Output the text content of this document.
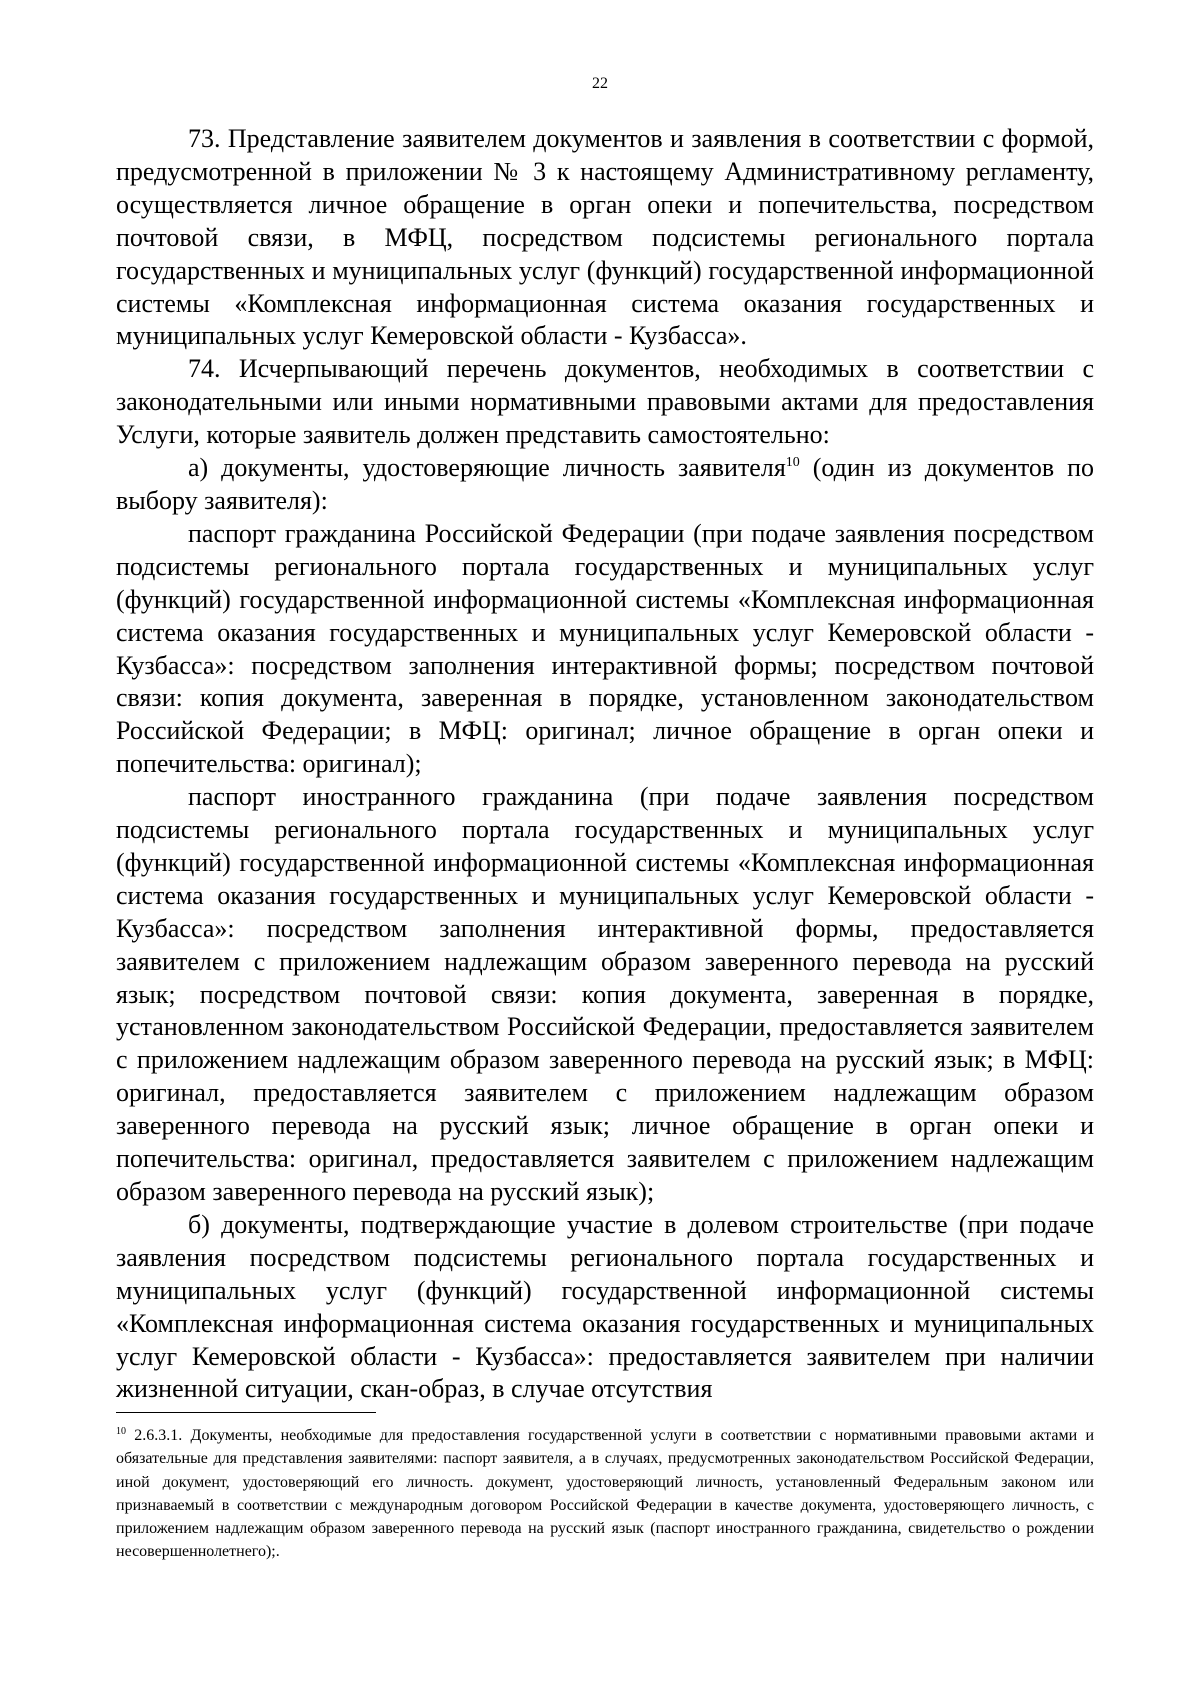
22

73. Представление заявителем документов и заявления в соответствии с формой, предусмотренной в приложении № 3 к настоящему Административному регламенту, осуществляется личное обращение в орган опеки и попечительства, посредством почтовой связи, в МФЦ, посредством подсистемы регионального портала государственных и муниципальных услуг (функций) государственной информационной системы «Комплексная информационная система оказания государственных и муниципальных услуг Кемеровской области - Кузбасса».

74. Исчерпывающий перечень документов, необходимых в соответствии с законодательными или иными нормативными правовыми актами для предоставления Услуги, которые заявитель должен представить самостоятельно:

а) документы, удостоверяющие личность заявителя$^{10}$ (один из документов по выбору заявителя):

паспорт гражданина Российской Федерации (при подаче заявления посредством подсистемы регионального портала государственных и муниципальных услуг (функций) государственной информационной системы «Комплексная информационная система оказания государственных и муниципальных услуг Кемеровской области - Кузбасса»: посредством заполнения интерактивной формы; посредством почтовой связи: копия документа, заверенная в порядке, установленном законодательством Российской Федерации; в МФЦ: оригинал; личное обращение в орган опеки и попечительства: оригинал);

паспорт иностранного гражданина (при подаче заявления посредством подсистемы регионального портала государственных и муниципальных услуг (функций) государственной информационной системы «Комплексная информационная система оказания государственных и муниципальных услуг Кемеровской области - Кузбасса»: посредством заполнения интерактивной формы, предоставляется заявителем с приложением надлежащим образом заверенного перевода на русский язык; посредством почтовой связи: копия документа, заверенная в порядке, установленном законодательством Российской Федерации, предоставляется заявителем с приложением надлежащим образом заверенного перевода на русский язык; в МФЦ: оригинал, предоставляется заявителем с приложением надлежащим образом заверенного перевода на русский язык; личное обращение в орган опеки и попечительства: оригинал, предоставляется заявителем с приложением надлежащим образом заверенного перевода на русский язык);

б) документы, подтверждающие участие в долевом строительстве (при подаче заявления посредством подсистемы регионального портала государственных и муниципальных услуг (функций) государственной информационной системы «Комплексная информационная система оказания государственных и муниципальных услуг Кемеровской области - Кузбасса»: предоставляется заявителем при наличии жизненной ситуации, скан-образ, в случае отсутствия

$^{10}$ 2.6.3.1. Документы, необходимые для предоставления государственной услуги в соответствии с нормативными правовыми актами и обязательные для представления заявителями: паспорт заявителя, а в случаях, предусмотренных законодательством Российской Федерации, иной документ, удостоверяющий его личность. документ, удостоверяющий личность, установленный Федеральным законом или признаваемый в соответствии с международным договором Российской Федерации в качестве документа, удостоверяющего личность, с приложением надлежащим образом заверенного перевода на русский язык (паспорт иностранного гражданина, свидетельство о рождении несовершеннолетнего);.
